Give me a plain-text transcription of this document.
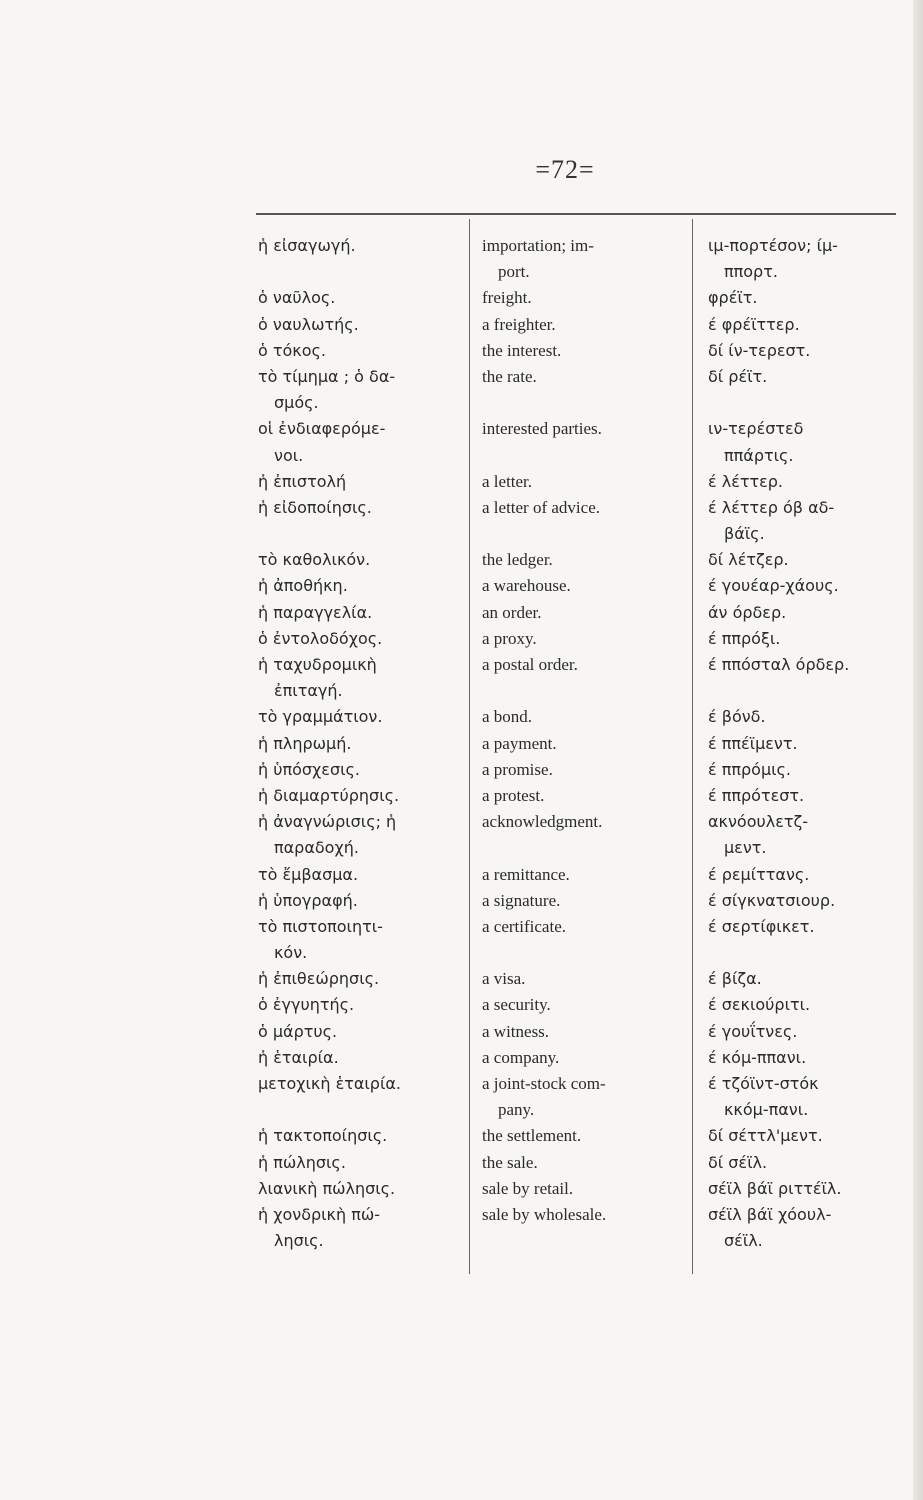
=72=
ἡ εἰσαγωγή.
ὁ ναῦλος.
ὁ ναυλωτής.
ὁ τόκος.
τὸ τίμημα ; ὁ δα-
σμός.
οἱ ἐνδιαφερόμε-
νοι.
ἡ ἐπιστολή
ἡ εἰδοποίησις.
τὸ καθολικόν.
ἡ ἀποθήκη.
ἡ παραγγελία.
ὁ ἐντολοδόχος.
ἡ ταχυδρομικὴ
ἐπιταγή.
τὸ γραμμάτιον.
ἡ πληρωμή.
ἡ ὑπόσχεσις.
ἡ διαμαρτύρησις.
ἡ ἀναγνώρισις; ἡ
παραδοχή.
τὸ ἔμβασμα.
ἡ ὑπογραφή.
τὸ πιστοποιητι-
κόν.
ἡ ἐπιθεώρησις.
ὁ ἐγγυητής.
ὁ μάρτυς.
ἡ ἑταιρία.
μετοχικὴ ἑταιρία.
ἡ τακτοποίησις.
ἡ πώλησις.
λιανικὴ πώλησις.
ἡ χονδρικὴ πώ-
λησις.
importation; im-
port.
freight.
a freighter.
the interest.
the rate.
interested parties.
a letter.
a letter of advice.
the ledger.
a warehouse.
an order.
a proxy.
a postal order.
a bond.
a payment.
a promise.
a protest.
acknowledgment.
a remittance.
a signature.
a certificate.
a visa.
a security.
a witness.
a company.
a joint-stock com-
pany.
the settlement.
the sale.
sale by retail.
sale by wholesale.
ιμ-πορτέσον; ίμ-
ππορτ.
φρέϊτ.
έ φρέϊττερ.
δί ίν-τερεστ.
δί ρέϊτ.
ιν-τερέστεδ
ππάρτις.
έ λέττερ.
έ λέττερ όβ αδ-
βάϊς.
δί λέτζερ.
έ γουέαρ-χάους.
άν όρδερ.
έ ππρόξι.
έ ππόσταλ όρδερ.
έ βόνδ.
έ ππέϊμεντ.
έ ππρόμις.
έ ππρότεστ.
ακνόουλετζ-
μεντ.
έ ρεμίττανς.
έ σίγκνατσιουρ.
έ σερτίφικετ.
έ βίζα.
έ σεκιούριτι.
έ γουΐτνες.
έ κόμ-ππανι.
έ τζόϊντ-στόκ
κκόμ-πανι.
δί σέττλ'μεντ.
δί σέϊλ.
σέϊλ βάϊ ριττέϊλ.
σέϊλ βάϊ χόουλ-
σέϊλ.
